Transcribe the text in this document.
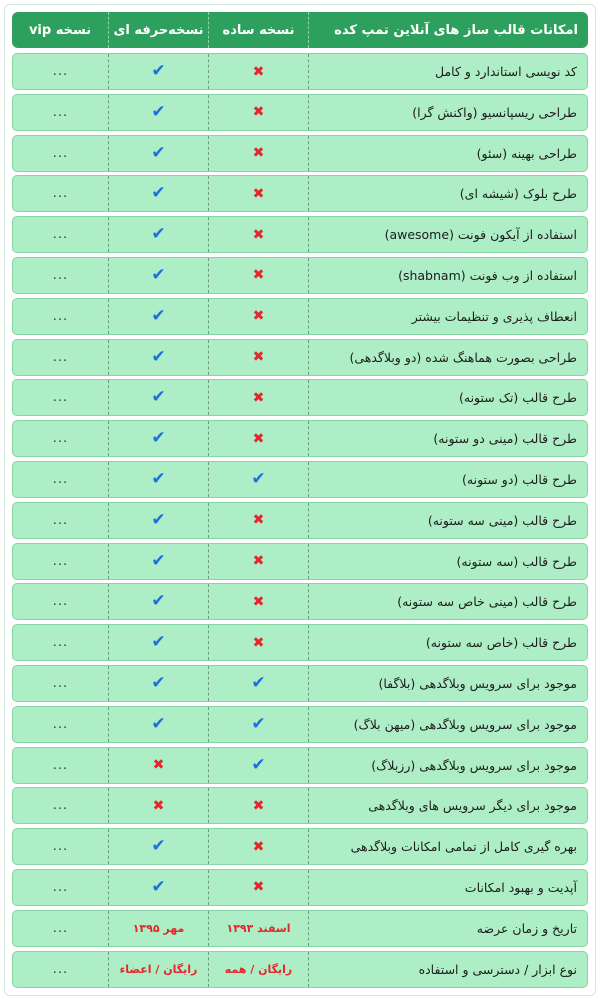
امکانات قالب ساز های آنلاین تمپ کده
نسخه ساده
نسخه‌حرفه ای
نسخه vip
کد نویسی استاندارد و کامل
✖
✔
...
طراحی ریسپانسیو (واکنش گرا)
✖
✔
...
طراحی بهینه (سئو)
✖
✔
...
طرح بلوک (شیشه ای)
✖
✔
...
استفاده از آیکون فونت (awesome)
✖
✔
...
استفاده از وب فونت (shabnam)
✖
✔
...
انعطاف پذیری و تنظیمات بیشتر
✖
✔
...
طراحی بصورت هماهنگ شده (دو وبلاگدهی)
✖
✔
...
طرح قالب (تک ستونه)
✖
✔
...
طرح قالب (مینی دو ستونه)
✖
✔
...
طرح قالب (دو ستونه)
✔
✔
...
طرح قالب (مینی سه ستونه)
✖
✔
...
طرح قالب (سه ستونه)
✖
✔
...
طرح قالب (مینی خاص سه ستونه)
✖
✔
...
طرح قالب (خاص سه ستونه)
✖
✔
...
موجود برای سرویس وبلاگدهی (بلاگفا)
✔
✔
...
موجود برای سرویس وبلاگدهی (میهن بلاگ)
✔
✔
...
موجود برای سرویس وبلاگدهی (رزبلاگ)
✔
✖
...
موجود برای دیگر سرویس های وبلاگدهی
✖
✖
...
بهره گیری کامل از تمامی امکانات وبلاگدهی
✖
✔
...
آپدیت و بهبود امکانات
✖
✔
...
تاریخ و زمان عرضه
اسفند ۱۳۹۳
مهر ۱۳۹۵
...
نوع ابزار / دسترسی و استفاده
رایگان / همه
رایگان / اعضاء
...
